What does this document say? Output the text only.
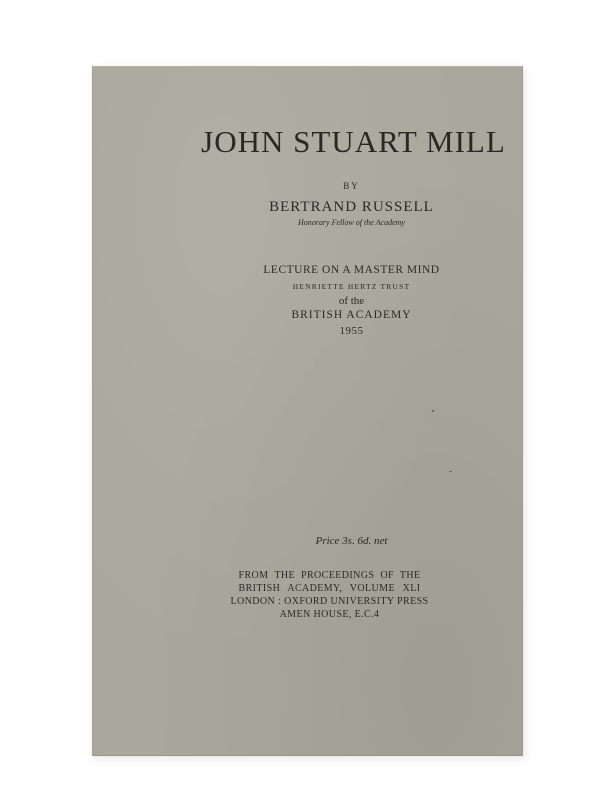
JOHN STUART MILL
BY
BERTRAND RUSSELL
Honorary Fellow of the Academy
LECTURE ON A MASTER MIND
HENRIETTE HERTZ TRUST
of the
BRITISH ACADEMY
1955
Price 3s. 6d. net
FROM THE PROCEEDINGS OF THE
BRITISH ACADEMY, VOLUME XLI
LONDON : OXFORD UNIVERSITY PRESS
AMEN HOUSE, E.C.4
